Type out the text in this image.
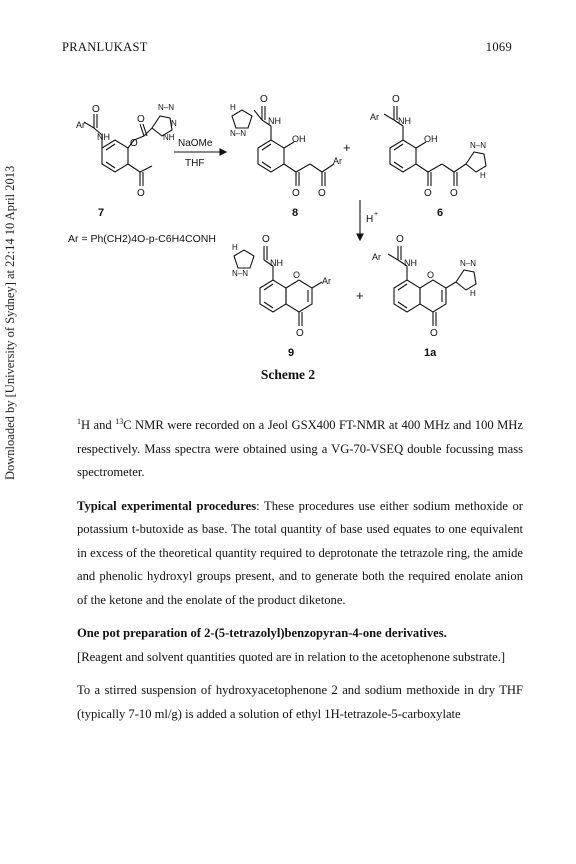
PRANLUKAST	1069
Downloaded by [University of Sydney] at 22:14 10 April 2013
O
Ar
NH
O
O
O
N–N
N
NH
7
Ar = Ph(CH2)4O-p-C6H4CONH
NaOMe
THF
O
NH
OH
Ar
O O
H
N–N
8
+
O
Ar NH
OH
O O
N–N
H
6
H +
O
NH
O
Ar
O
H
N–N
9
+
O
Ar
NH
O
O
N–N
H
1a
Scheme 2

$^1$H and $^{13}$C NMR were recorded on a Jeol GSX400 FT-NMR at 400 MHz and 100 MHz respectively. Mass spectra were obtained using a VG-70-VSEQ double focussing mass spectrometer.

Typical experimental procedures: These procedures use either sodium methoxide or potassium t-butoxide as base. The total quantity of base used equates to one equivalent in excess of the theoretical quantity required to deprotonate the tetrazole ring, the amide and phenolic hydroxyl groups present, and to generate both the required enolate anion of the ketone and the enolate of the product diketone.

One pot preparation of 2-(5-tetrazolyl)benzopyran-4-one derivatives.
[Reagent and solvent quantities quoted are in relation to the acetophenone substrate.]

To a stirred suspension of hydroxyacetophenone 2 and sodium methoxide in dry THF (typically 7-10 ml/g) is added a solution of ethyl 1H-tetrazole-5-carboxylate
